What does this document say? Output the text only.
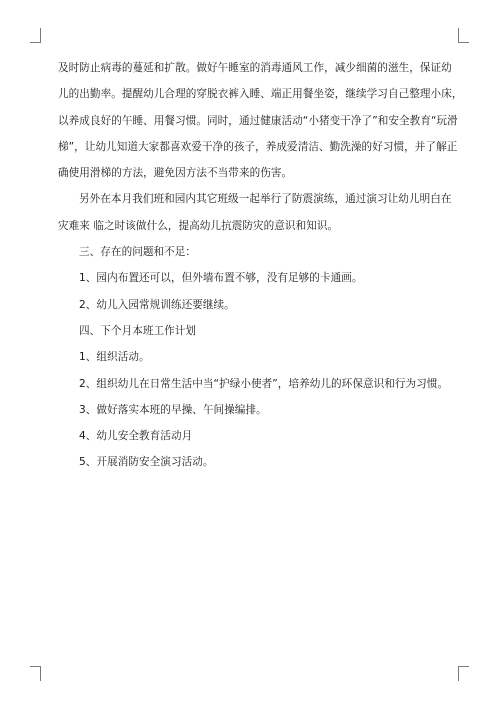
及时防止病毒的蔓延和扩散。做好午睡室的消毒通风工作，减少细菌的滋生，保证幼
儿的出勤率。提醒幼儿合理的穿脱衣裤入睡、端正用餐坐姿，继续学习自己整理小床，
以养成良好的午睡、用餐习惯。同时，通过健康活动“小猪变干净了”和安全教育“玩滑
梯”，让幼儿知道大家都喜欢爱干净的孩子，养成爱清洁、勤洗澡的好习惯，并了解正
确使用滑梯的方法，避免因方法不当带来的伤害。
另外在本月我们班和园内其它班级一起举行了防震演练，通过演习让幼儿明白在
灾难来 临之时该做什么，提高幼儿抗震防灾的意识和知识。
三、存在的问题和不足：
1、园内布置还可以，但外墙布置不够，没有足够的卡通画。
2、幼儿入园常规训练还要继续。
四、下个月本班工作计划
1、组织活动。
2、组织幼儿在日常生活中当“护绿小使者”，培养幼儿的环保意识和行为习惯。
3、做好落实本班的早操、午间操编排。
4、幼儿安全教育活动月
5、开展消防安全演习活动。
